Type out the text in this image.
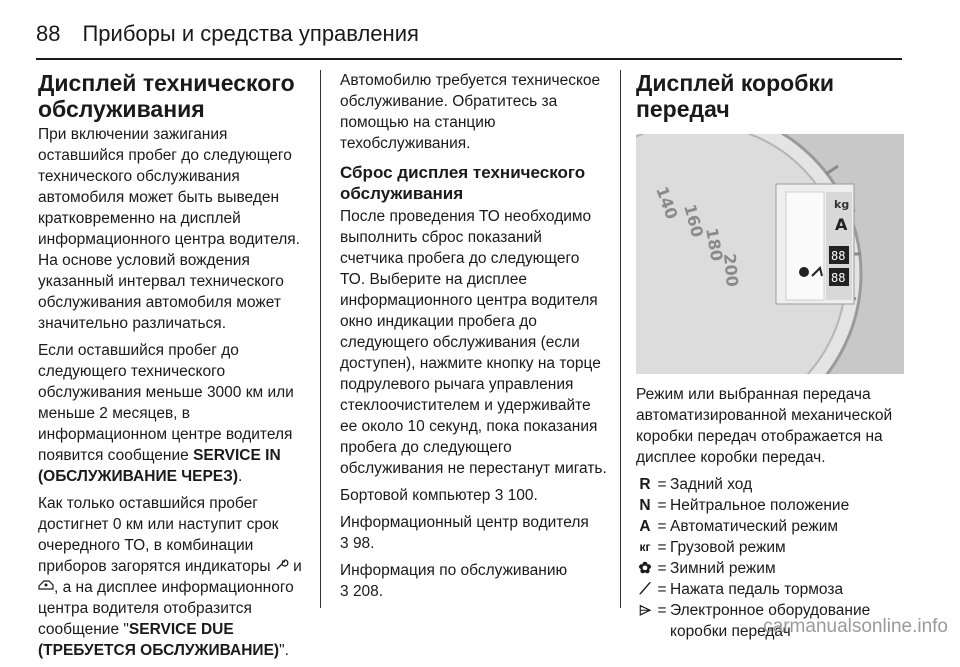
88 Приборы и средства управления
Дисплей технического обслуживания

При включении зажигания оставшийся пробег до следующего технического обслуживания автомобиля может быть выведен кратковременно на дисплей информационного центра водителя. На основе условий вождения указанный интервал технического обслуживания автомобиля может значительно различаться.

Если оставшийся пробег до следующего технического обслуживания меньше 3000 км или меньше 2 месяцев, в информационном центре водителя появится сообщение SERVICE IN (ОБСЛУЖИВАНИЕ ЧЕРЕЗ).

Как только оставшийся пробег достигнет 0 км или наступит срок очередного ТО, в комбинации приборов загорятся индикаторы и , а на дисплее информационного центра водителя отобразится сообщение "SERVICE DUE (ТРЕБУЕТСЯ ОБСЛУЖИВАНИЕ)".

Автомобилю требуется техническое обслуживание. Обратитесь за помощью на станцию техобслуживания.

Сброс дисплея технического обслуживания

После проведения ТО необходимо выполнить сброс показаний счетчика пробега до следующего ТО. Выберите на дисплее информационного центра водителя окно индикации пробега до следующего обслуживания (если доступен), нажмите кнопку на торце подрулевого рычага управления стеклоочистителем и удерживайте ее около 10 секунд, пока показания пробега до следующего обслуживания не перестанут мигать.

Бортовой компьютер 3 100.

Информационный центр водителя
3 98.

Информация по обслуживанию
3 208.

Дисплей коробки передач
140
160
180
200
kg
A
88
88

Режим или выбранная передача автоматизированной механической коробки передач отображается на дисплее коробки передач.

R = Задний ход
N = Нейтральное положение
A = Автоматический режим
кг = Грузовой режим
✿ = Зимний режим
⟋ = Нажата педаль тормоза
⌲ = Электронное оборудование коробки передач
carmanualsonline.info
